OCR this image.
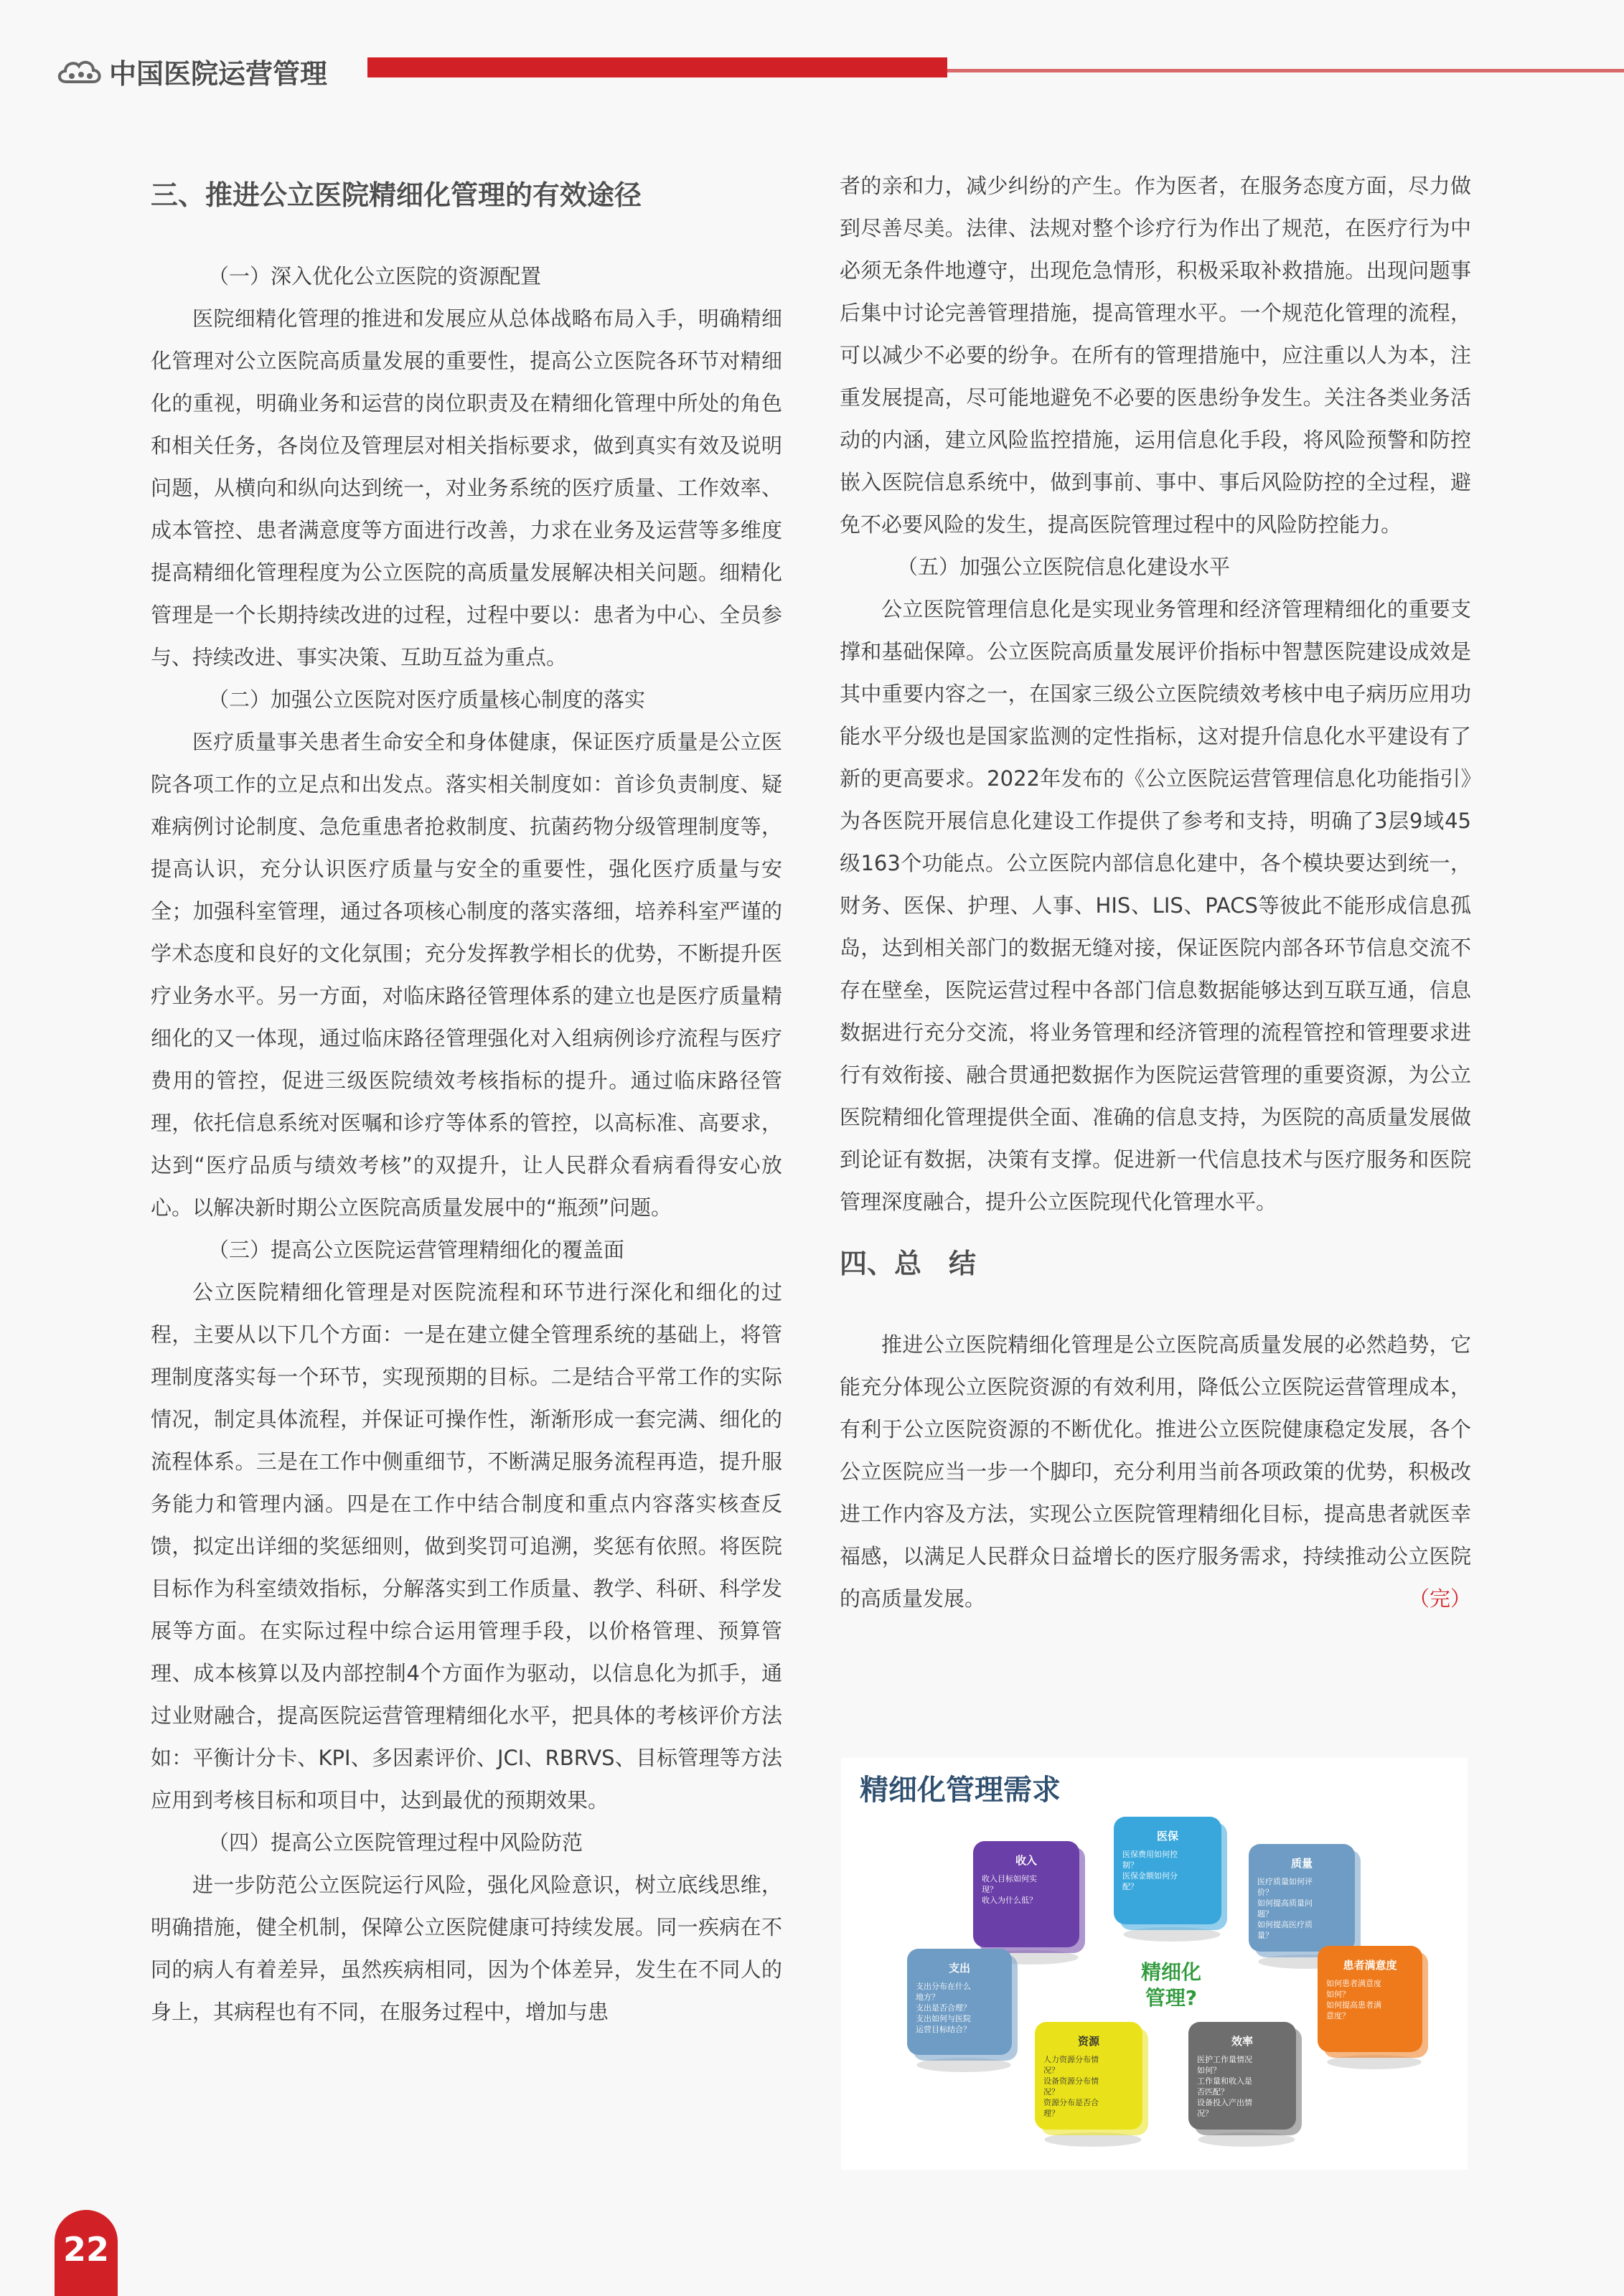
中国医院运营管理
三、推进公立医院精细化管理的有效途径
（一）深入优化公立医院的资源配置
医院细精化管理的推进和发展应从总体战略布局入手，明确精细化管理对公立医院高质量发展的重要性，提高公立医院各环节对精细化的重视，明确业务和运营的岗位职责及在精细化管理中所处的角色和相关任务，各岗位及管理层对相关指标要求，做到真实有效及说明问题，从横向和纵向达到统一，对业务系统的医疗质量、工作效率、成本管控、患者满意度等方面进行改善，力求在业务及运营等多维度提高精细化管理程度为公立医院的高质量发展解决相关问题。细精化管理是一个长期持续改进的过程，过程中要以：患者为中心、全员参与、持续改进、事实决策、互助互益为重点。
（二）加强公立医院对医疗质量核心制度的落实
医疗质量事关患者生命安全和身体健康，保证医疗质量是公立医院各项工作的立足点和出发点。落实相关制度如：首诊负责制度、疑难病例讨论制度、急危重患者抢救制度、抗菌药物分级管理制度等，提高认识，充分认识医疗质量与安全的重要性，强化医疗质量与安全；加强科室管理，通过各项核心制度的落实落细，培养科室严谨的学术态度和良好的文化氛围；充分发挥教学相长的优势，不断提升医疗业务水平。另一方面，对临床路径管理体系的建立也是医疗质量精细化的又一体现，通过临床路径管理强化对入组病例诊疗流程与医疗费用的管控，促进三级医院绩效考核指标的提升。通过临床路径管理，依托信息系统对医嘱和诊疗等体系的管控，以高标准、高要求，达到“医疗品质与绩效考核”的双提升，让人民群众看病看得安心放心。以解决新时期公立医院高质量发展中的“瓶颈”问题。
（三）提高公立医院运营管理精细化的覆盖面
公立医院精细化管理是对医院流程和环节进行深化和细化的过程，主要从以下几个方面：一是在建立健全管理系统的基础上，将管理制度落实每一个环节，实现预期的目标。二是结合平常工作的实际情况，制定具体流程，并保证可操作性，渐渐形成一套完满、细化的流程体系。三是在工作中侧重细节，不断满足服务流程再造，提升服务能力和管理内涵。四是在工作中结合制度和重点内容落实核查反馈，拟定出详细的奖惩细则，做到奖罚可追溯，奖惩有依照。将医院目标作为科室绩效指标，分解落实到工作质量、教学、科研、科学发展等方面。在实际过程中综合运用管理手段，以价格管理、预算管理、成本核算以及内部控制4个方面作为驱动，以信息化为抓手，通过业财融合，提高医院运营管理精细化水平，把具体的考核评价方法如：平衡计分卡、KPI、多因素评价、JCI、RBRVS、目标管理等方法应用到考核目标和项目中，达到最优的预期效果。
（四）提高公立医院管理过程中风险防范
进一步防范公立医院运行风险，强化风险意识，树立底线思维，明确措施，健全机制，保障公立医院健康可持续发展。同一疾病在不同的病人有着差异，虽然疾病相同，因为个体差异，发生在不同人的身上，其病程也有不同，在服务过程中，增加与患
者的亲和力，减少纠纷的产生。作为医者，在服务态度方面，尽力做到尽善尽美。法律、法规对整个诊疗行为作出了规范，在医疗行为中必须无条件地遵守，出现危急情形，积极采取补救措施。出现问题事后集中讨论完善管理措施，提高管理水平。一个规范化管理的流程，可以减少不必要的纷争。在所有的管理措施中，应注重以人为本，注重发展提高，尽可能地避免不必要的医患纷争发生。关注各类业务活动的内涵，建立风险监控措施，运用信息化手段，将风险预警和防控嵌入医院信息系统中，做到事前、事中、事后风险防控的全过程，避免不必要风险的发生，提高医院管理过程中的风险防控能力。
（五）加强公立医院信息化建设水平
公立医院管理信息化是实现业务管理和经济管理精细化的重要支撑和基础保障。公立医院高质量发展评价指标中智慧医院建设成效是其中重要内容之一，在国家三级公立医院绩效考核中电子病历应用功能水平分级也是国家监测的定性指标，这对提升信息化水平建设有了新的更高要求。2022年发布的《公立医院运营管理信息化功能指引》为各医院开展信息化建设工作提供了参考和支持，明确了3层9域45级163个功能点。公立医院内部信息化建中，各个模块要达到统一，财务、医保、护理、人事、HIS、LIS、PACS等彼此不能形成信息孤岛，达到相关部门的数据无缝对接，保证医院内部各环节信息交流不存在壁垒，医院运营过程中各部门信息数据能够达到互联互通，信息数据进行充分交流，将业务管理和经济管理的流程管控和管理要求进行有效衔接、融合贯通把数据作为医院运营管理的重要资源，为公立医院精细化管理提供全面、准确的信息支持，为医院的高质量发展做到论证有数据，决策有支撑。促进新一代信息技术与医疗服务和医院管理深度融合，提升公立医院现代化管理水平。
四、总　结
推进公立医院精细化管理是公立医院高质量发展的必然趋势，它能充分体现公立医院资源的有效利用，降低公立医院运营管理成本，有利于公立医院资源的不断优化。推进公立医院健康稳定发展，各个公立医院应当一步一个脚印，充分利用当前各项政策的优势，积极改进工作内容及方法，实现公立医院管理精细化目标，提高患者就医幸福感，以满足人民群众日益增长的医疗服务需求，持续推动公立医院的高质量发展。	（完）
精细化管理需求
精细化
管理?
收入
收入目标如何实
现？
收入为什么低？
医保
医保费用如何控
制？
医保金额如何分
配？
质量
医疗质量如何评
价？
如何提高质量问
题？
如何提高医疗质
量？
支出
支出分布在什么
地方？
支出是否合理？
支出如何与医院
运营目标结合？
患者满意度
如何患者满意度
如何？
如何提高患者满
意度？
资源
人力资源分布情
况？
设备资源分布情
况？
资源分布是否合
理？
效率
医护工作量情况
如何？
工作量和收入是
否匹配？
设备投入产出情
况？
22
